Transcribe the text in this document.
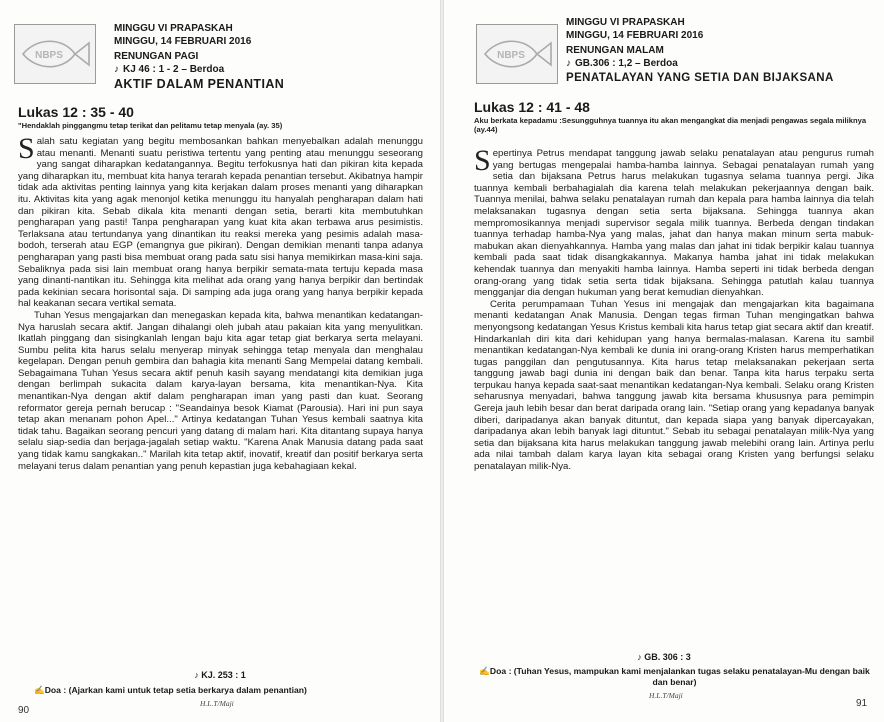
NBPS
MINGGU VI PRAPASKAH
MINGGU, 14 FEBRUARI 2016
RENUNGAN PAGI
♪ KJ 46 : 1 - 2 – Berdoa
AKTIF DALAM PENANTIAN
Lukas 12 : 35 - 40
"Hendaklah pinggangmu tetap terikat dan pelitamu tetap menyala (ay. 35)

Salah satu kegiatan yang begitu membosankan bahkan menyebalkan adalah menunggu atau menanti. Menanti suatu peristiwa tertentu yang penting atau menunggu seseorang yang sangat diharapkan kedatangannya. Begitu terfokusnya hati dan pikiran kita kepada yang diharapkan itu, membuat kita hanya terarah kepada penantian tersebut. Akibatnya hampir tidak ada aktivitas penting lainnya yang kita kerjakan dalam proses menanti yang diharapkan itu. Aktivitas kita yang agak menonjol ketika menunggu itu hanyalah pengharapan dalam hati dan pikiran kita. Sebab dikala kita menanti dengan setia, berarti kita membutuhkan pengharapan yang pasti! Tanpa pengharapan yang kuat kita akan terbawa arus pesimistis. Terlaksana atau tertundanya yang dinantikan itu reaksi mereka yang pesimis adalah masa-bodoh, terserah atau EGP (emangnya gue pikiran). Dengan demikian menanti tanpa adanya pengharapan yang pasti bisa membuat orang pada satu sisi hanya memikirkan masa-kini saja. Sebaliknya pada sisi lain membuat orang hanya berpikir semata-mata tertuju kepada masa yang dinanti-nantikan itu. Sehingga kita melihat ada orang yang hanya berpikir dan bertindak pada kekinian secara horisontal saja. Di samping ada juga orang yang hanya berpikir kepada hal keakanan secara vertikal semata.

Tuhan Yesus mengajarkan dan menegaskan kepada kita, bahwa menantikan kedatangan-Nya haruslah secara aktif. Jangan dihalangi oleh jubah atau pakaian kita yang menyulitkan. Ikatlah pinggang dan sisingkanlah lengan baju kita agar tetap giat berkarya serta melayani. Sumbu pelita kita harus selalu menyerap minyak sehingga tetap menyala dan menghalau kegelapan. Dengan penuh gembira dan bahagia kita menanti Sang Mempelai datang kembali. Sebagaimana Tuhan Yesus secara aktif penuh kasih sayang mendatangi kita demikian juga dengan berlimpah sukacita dalam karya-layan bersama, kita menantikan-Nya. Kita menantikan-Nya dengan aktif dalam pengharapan iman yang pasti dan kuat. Seorang reformator gereja pernah berucap : "Seandainya besok Kiamat (Parousia). Hari ini pun saya tetap akan menanam pohon Apel..." Artinya kedatangan Tuhan Yesus kembali saatnya kita tidak tahu. Bagaikan seorang pencuri yang datang di malam hari. Kita ditantang supaya hanya selalu siap-sedia dan berjaga-jagalah setiap waktu. "Karena Anak Manusia datang pada saat yang tidak kamu sangkakan.." Marilah kita tetap aktif, inovatif, kreatif dan positif berkarya serta melayani terus dalam penantian yang penuh kepastian juga kebahagiaan kekal.

♪ KJ. 253 : 1
✍Doa : (Ajarkan kami untuk tetap setia berkarya dalam penantian)
H.L.T/Maji
90
NBPS
MINGGU VI PRAPASKAH
MINGGU, 14 FEBRUARI 2016
RENUNGAN MALAM
♪ GB.306 : 1,2 – Berdoa
PENATALAYAN YANG SETIA DAN BIJAKSANA
Lukas 12 : 41 - 48
Aku berkata kepadamu :Sesungguhnya tuannya itu akan mengangkat dia menjadi pengawas segala miliknya (ay.44)

Sepertinya Petrus mendapat tanggung jawab selaku penatalayan atau pengurus rumah yang bertugas mengepalai hamba-hamba lainnya. Sebagai penatalayan rumah yang setia dan bijaksana Petrus harus melakukan tugasnya selama tuannya pergi. Jika tuannya kembali berbahagialah dia karena telah melakukan pekerjaannya dengan baik. Tuannya menilai, bahwa selaku penatalayan rumah dan kepala para hamba lainnya dia telah melaksanakan tugasnya dengan setia serta bijaksana. Sehingga tuannya akan mempromosikannya menjadi supervisor segala milik tuannya. Berbeda dengan tindakan tuannya terhadap hamba-Nya yang malas, jahat dan hanya makan minum serta mabuk-mabukan akan dienyahkannya. Hamba yang malas dan jahat ini tidak berpikir kalau tuannya kembali pada saat tidak disangkakannya. Makanya hamba jahat ini tidak melakukan kehendak tuannya dan menyakiti hamba lainnya. Hamba seperti ini tidak berbeda dengan orang-orang yang tidak setia serta tidak bijaksana. Sehingga patutlah kalau tuannya mengganjar dia dengan hukuman yang berat kemudian dienyahkan.

Cerita perumpamaan Tuhan Yesus ini mengajak dan mengajarkan kita bagaimana menanti kedatangan Anak Manusia. Dengan tegas firman Tuhan mengingatkan bahwa menyongsong kedatangan Yesus Kristus kembali kita harus tetap giat secara aktif dan kreatif. Hindarkanlah diri kita dari kehidupan yang hanya bermalas-malasan. Karena itu sambil menantikan kedatangan-Nya kembali ke dunia ini orang-orang Kristen harus memperhatikan tugas panggilan dan pengutusannya. Kita harus tetap melaksanakan pekerjaan serta tanggung jawab bagi dunia ini dengan baik dan benar. Tanpa kita harus terpaku serta terpukau hanya kepada saat-saat menantikan kedatangan-Nya kembali. Selaku orang Kristen seharusnya menyadari, bahwa tanggung jawab kita bersama khususnya para pemimpin Gereja jauh lebih besar dan berat daripada orang lain. "Setiap orang yang kepadanya banyak diberi, daripadanya akan banyak dituntut, dan kepada siapa yang banyak dipercayakan, daripadanya akan lebih banyak lagi dituntut." Sebab itu sebagai penatalayan milik-Nya yang setia dan bijaksana kita harus melakukan tanggung jawab melebihi orang lain. Artinya perlu ada nilai tambah dalam karya layan kita sebagai orang Kristen yang berfungsi selaku penatalayan milik-Nya.

♪ GB. 306 : 3
✍Doa : (Tuhan Yesus, mampukan kami menjalankan tugas selaku penatalayan-Mu dengan baik dan benar)
H.L.T/Maji
91
